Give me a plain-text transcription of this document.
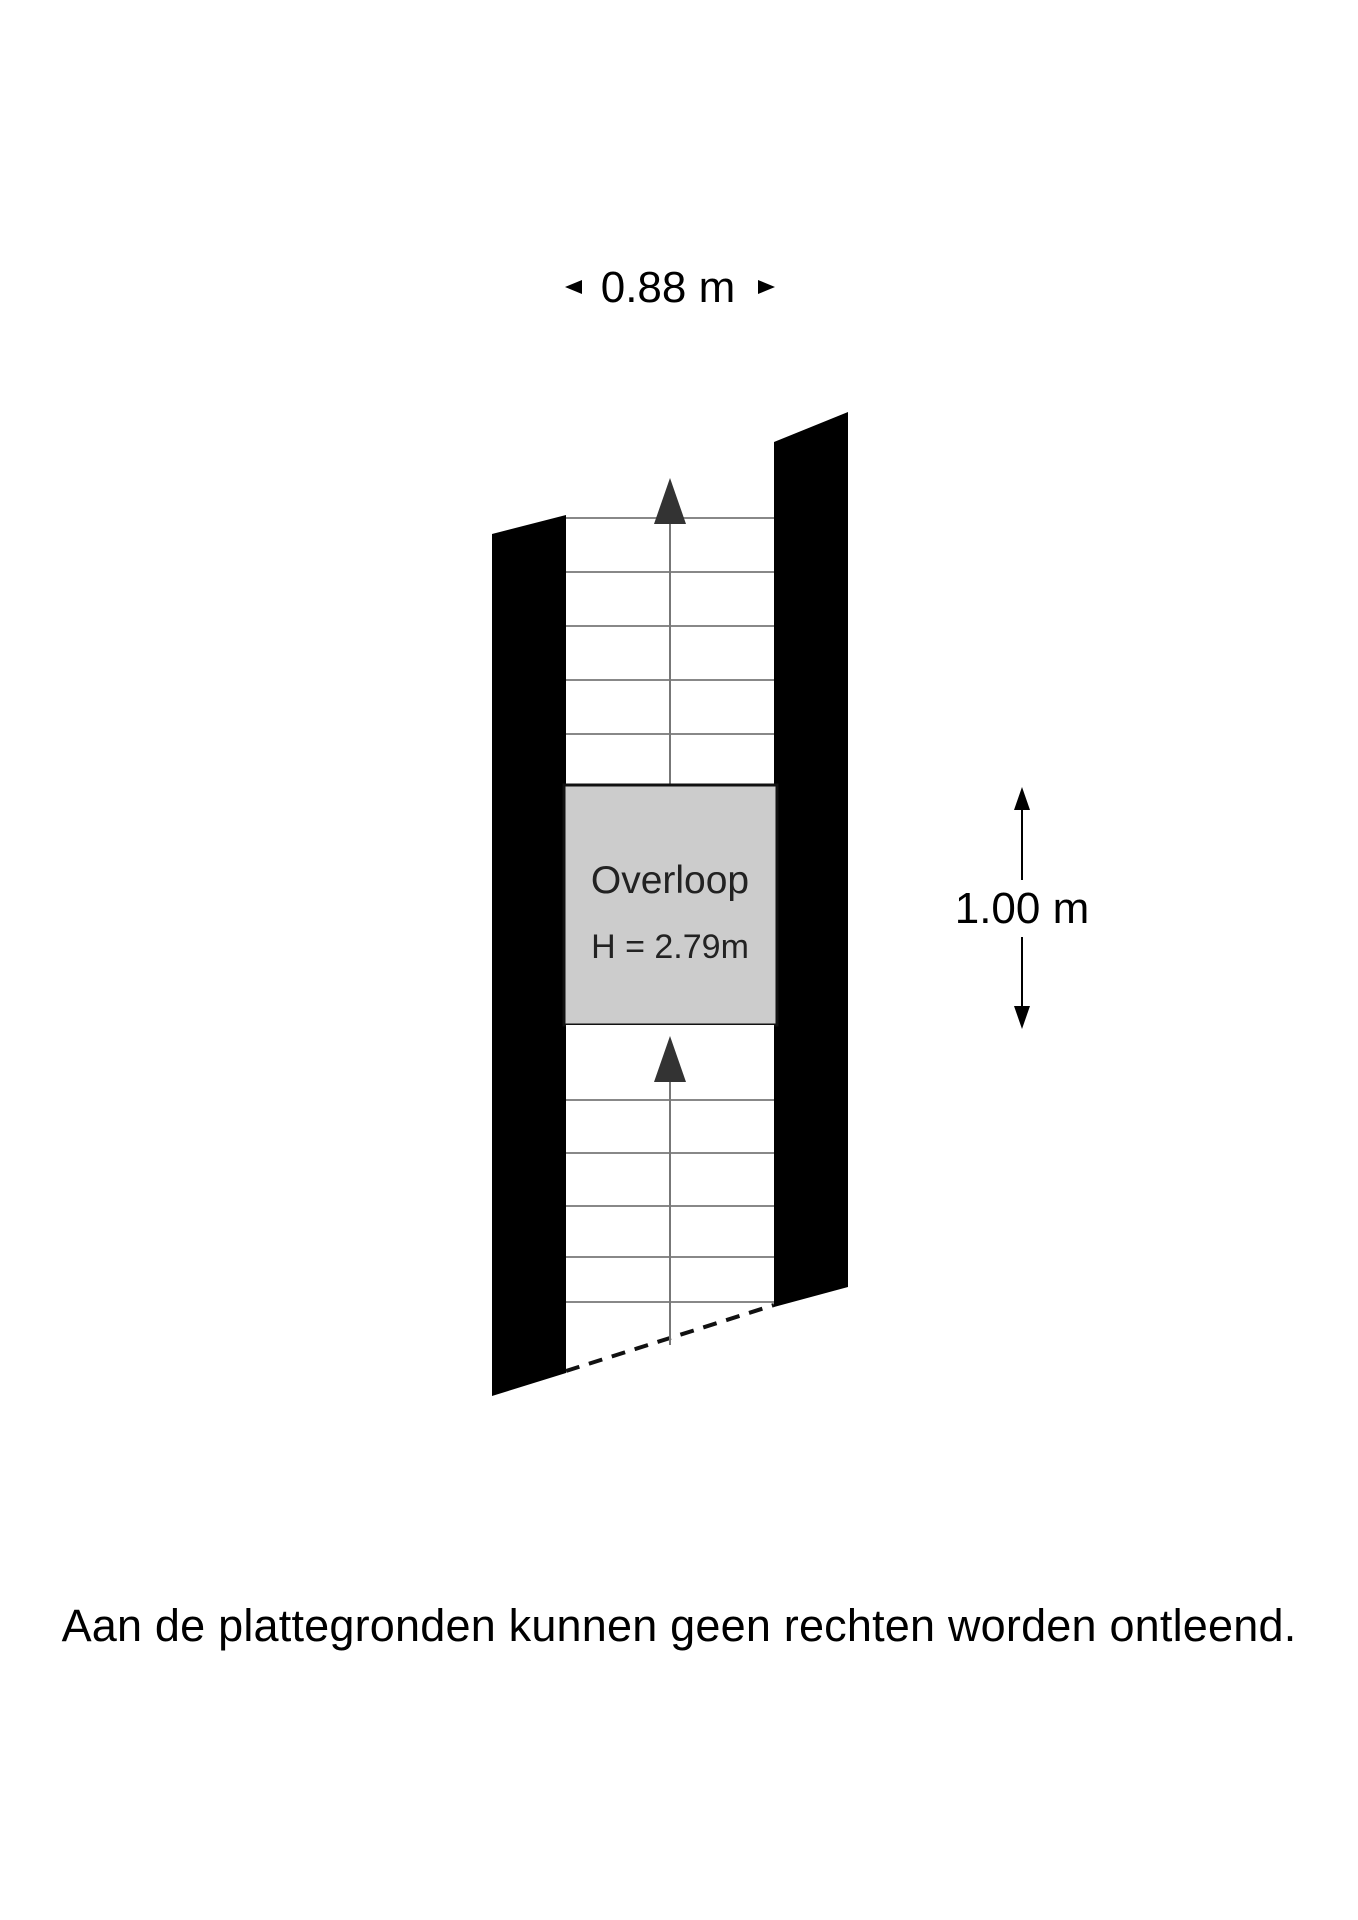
0.88 m
Overloop
H = 2.79m
1.00 m
Aan de plattegronden kunnen geen rechten worden ontleend.
